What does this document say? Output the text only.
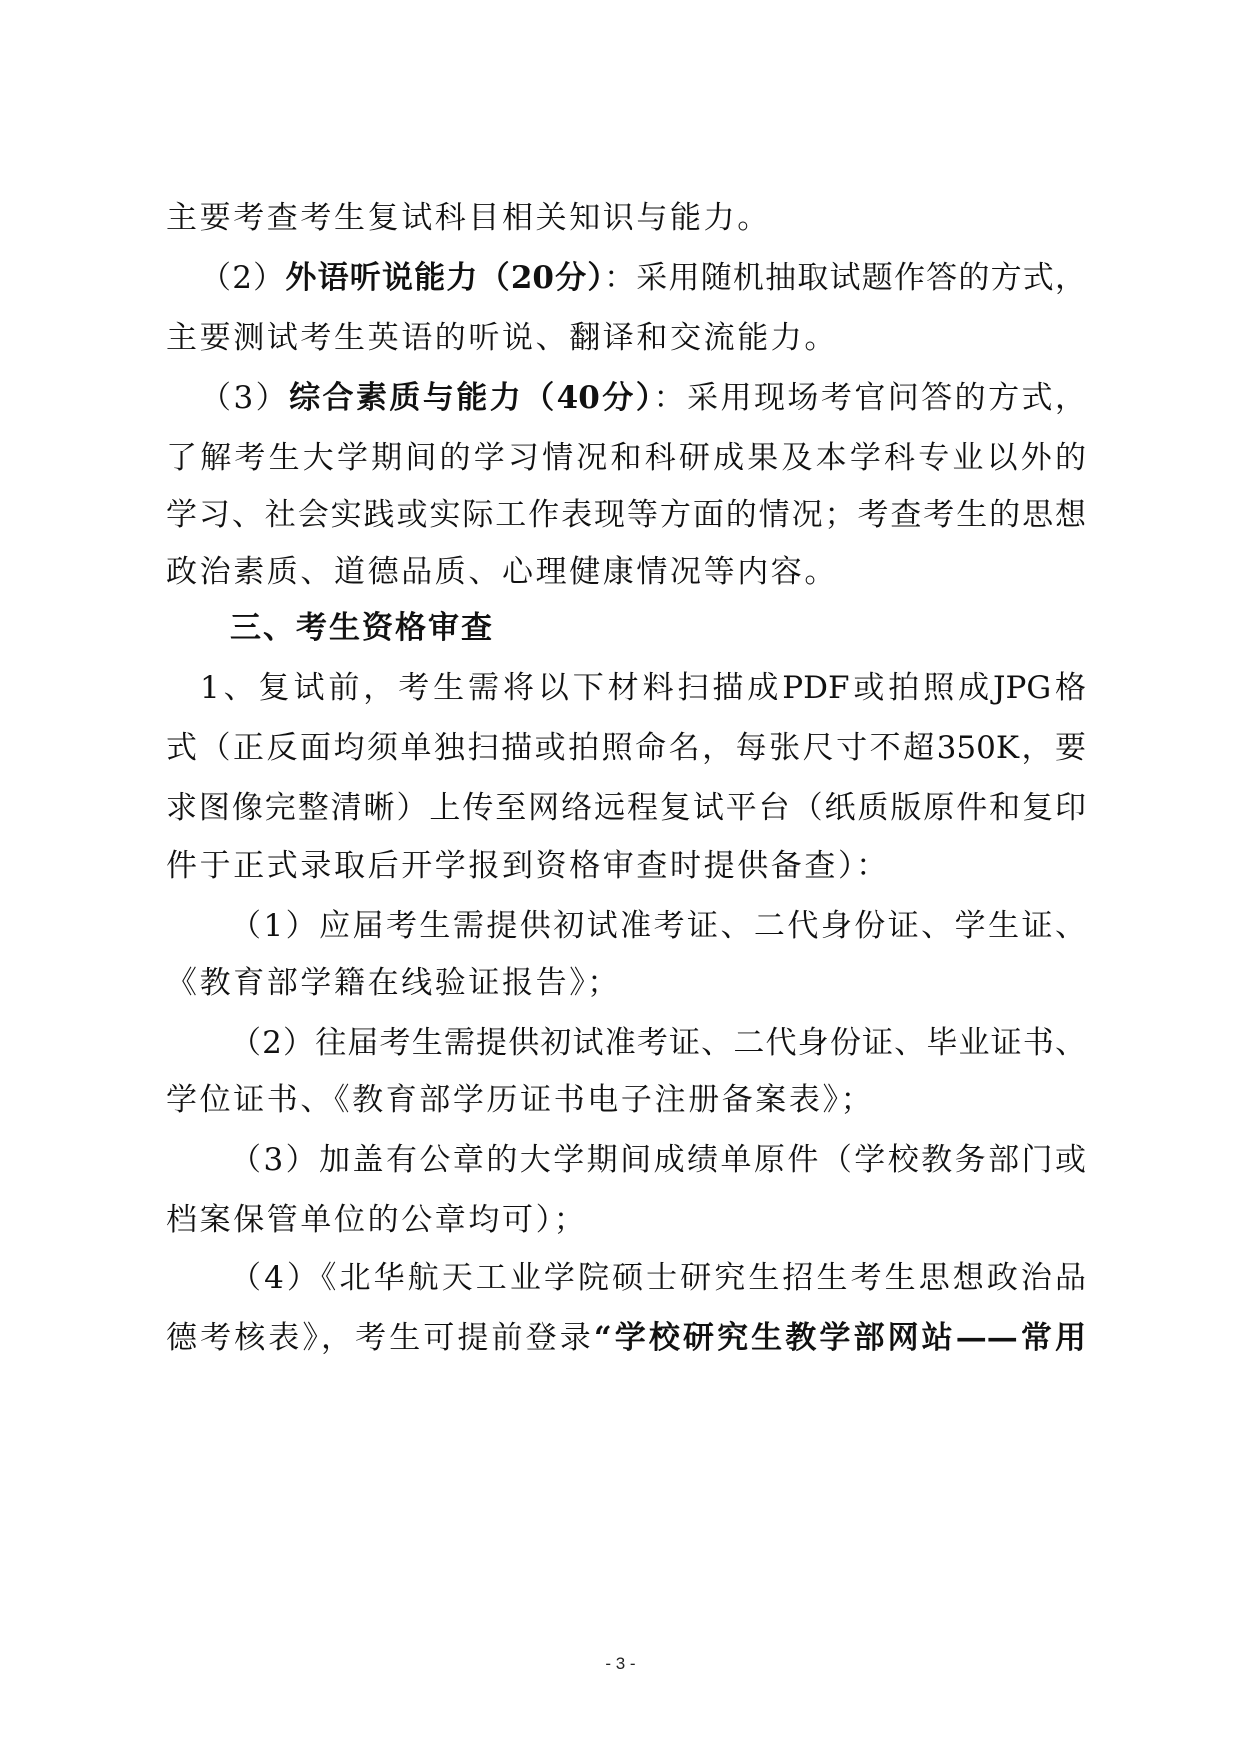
主要考查考生复试科目相关知识与能力。
（2）外语听说能力（20分）：采用随机抽取试题作答的方式，
主要测试考生英语的听说、翻译和交流能力。
（3）综合素质与能力（40分）：采用现场考官问答的方式，
了解考生大学期间的学习情况和科研成果及本学科专业以外的
学习、社会实践或实际工作表现等方面的情况；考查考生的思想
政治素质、道德品质、心理健康情况等内容。
三、考生资格审查
1、复试前，考生需将以下材料扫描成PDF或拍照成JPG格
式（正反面均须单独扫描或拍照命名，每张尺寸不超350K，要
求图像完整清晰）上传至网络远程复试平台（纸质版原件和复印
件于正式录取后开学报到资格审查时提供备查）：
（1）应届考生需提供初试准考证、二代身份证、学生证、
《教育部学籍在线验证报告》；
（2）往届考生需提供初试准考证、二代身份证、毕业证书、
学位证书、《教育部学历证书电子注册备案表》；
（3）加盖有公章的大学期间成绩单原件（学校教务部门或
档案保管单位的公章均可）；
（4）《北华航天工业学院硕士研究生招生考生思想政治品
德考核表》，考生可提前登录“学校研究生教学部网站——常用
- 3 -
